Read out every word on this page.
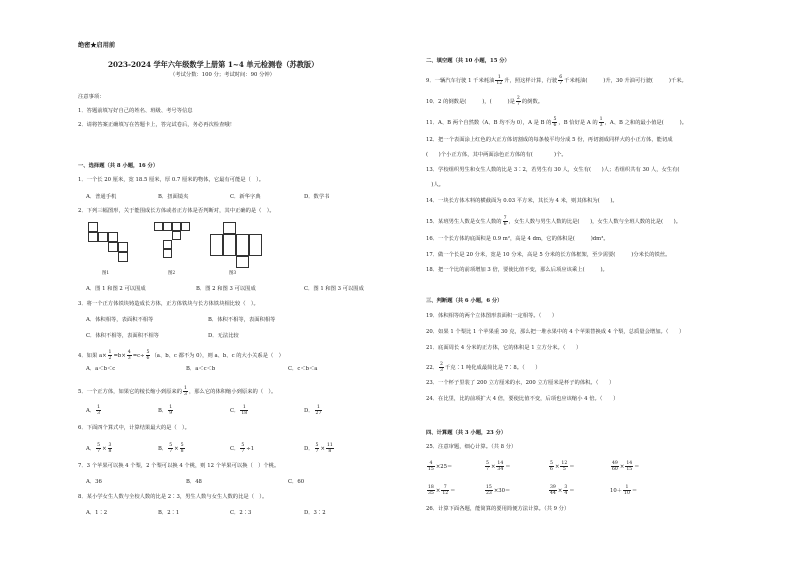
绝密★启用前
2023-2024 学年六年级数学上册第 1~4 单元检测卷（苏教版）
（考试分数：100 分；考试时间：90 分钟）
注意事项：
1．答题前填写好自己的姓名、班级、考号等信息
2．请将答案正确填写在答题卡上，答完试卷后，务必再次检查哦！
一、选择题（共 8 小题，16 分）
1．一个长 20 厘米，宽 18.5 厘米，厚 0.7 厘米的物体，它最有可能是（　）。
A．普通手机	B．扭面镜夹	C．新华字典	D．数学书
2．下列三幅图形，关于能围成长方体或者正方体是否判断对，其中正确的是（　）。
图1	图2	图3
A．图 1 和图 2 可以围成	B．图 2 和图 3 可以围成	C．图 1 和图 3 可以围成
3．将一个正方体铁块铸造成长方体，正方体铁块与长方体铁块相比较（　）。
A．体积相等，表面积不相等	B．体积不相等，表面积相等
C．体积不相等，表面积不相等	D．无法比较
4．如果 $a\times \frac{1}{2} =b\times \frac{4}{3} =c\div \frac{5}{6} (a$、b、c 都不为 0），则 a、b、c 的大小关系是（　）
A．a＜b＜c	B．a＜c＜b	C．c＜b＜a
5．一个正方体，如果它的棱长缩小到原来的 $\frac{1}{3}$ ，那么它的体积缩小到原来的（　）。
A． $\frac{1}{3}$	B． $\frac{1}{9}$	C． $\frac{1}{18}$	D． $\frac{1}{27}$
6．下面四个算式中，计算结果最大的是（　）。
A． $\frac{5}{7} \times \frac{3}{8}$	B． $\frac{5}{7} \times \frac{5}{8}$	C． $\frac{5}{7} \div 1$	D． $\frac{5}{7} \times \frac{11}{8}$
7．3 个苹果可以换 4 个梨，2 个梨可以换 4 个桃，则 12 个苹果可以换（　）个桃。
A．36	B．48	C．60
8．某小学女生人数与全校人数的比是 2∶3，男生人数与女生人数的比是（　）。
A．1∶2	B．2∶1	C．2∶3	D．3∶2
二、填空题（共 10 小题，15 分）
9．一辆汽车行驶 1 千米耗油 $\frac{1}{12}$ 升，照这样计算，行驶 $\frac{6}{7}$ 千米耗油(　　　)升，30 升油可行驶(　　　)千米。
10．2 的倒数是(　　　)，(　　　)是 $\frac{2}{7}$ 的倒数。
11．A、B 两个自然数（A、B 均不为 0），A 是 B 的 $\frac{5}{6}$ ，B 恰好是 A 的 $\frac{1}{3}$ ，A、B 之和的最小值是(　　　)。
12．把一个表面涂上红色的大正方体切割成的每条棱平均分成 5 份，再切割成同样大的小正方体，能切成
(　　)个小正方体，其中两面涂色正方体的有(　　　　)个。
13．学校组织男生和女生人数的比是 3∶2，若男生有 30 人，女生有(　　)人；若组织共有 30 人，女生有(
　)人。
14．一块长方体木料的横截面为 0.03 平方米，其长为 4 米，则其体积为(　　)。
15．某班男生人数是女生人数的 $\frac{7}{6}$ ，女生人数与男生人数的比是(　　)，女生人数与全班人数的比是(　　)。
16．一个长方体的底面积是 0.9 m²，高是 4 dm，它的体积是(　　　)dm³。
17．做一个长是 20 分米，宽是 10 分米，高是 5 分米的长方体框架，至少需要(　　　)分米长的铁丝。
18．把一个比的前项增加 3 倍，要使比值不变，那么后项应该乘上(　　　)。
三、判断题（共 6 小题，6 分）
19．体积相等的两个立体图形表面积一定相等。（　　）
20．如果 1 个梨比 1 个苹果重 30 克，那么把一堆水果中的 4 个苹果替换成 4 个梨，总质量会增加。（　　）
21．底面周长 4 分米的正方体，它的体积是 1 立方分米。（　　）
22． $\frac{2}{3}$ 千克∶1 吨化成最简比是 7∶8。（　　）
23．一个杯子里装了 200 立方厘米的水，200 立方厘米是杯子的体积。（　　）
24．在比里，比的前项扩大 4 倍，要使比值不变，后项也应该缩小 4 倍。（　　）
四、计算题（共 3 小题，23 分）
25．注意审题，细心计算。（共 8 分）
$\frac{4}{15} \times 25=$	$\frac{5}{7} \times \frac{14}{34}$ ＝	$\frac{5}{6} \times \frac{12}{5}$ ＝	$\frac{49}{60} \times \frac{14}{15}$ ＝
$\frac{18}{35} \times \frac{7}{12}$ ＝	$\frac{15}{23} \times 30=$	$\frac{39}{44} \times \frac{3}{4}$ ＝	$10+ \frac{1}{10}$ ＝
26．计算下面各题，能简算的要用简便方法计算。（共 9 分）
